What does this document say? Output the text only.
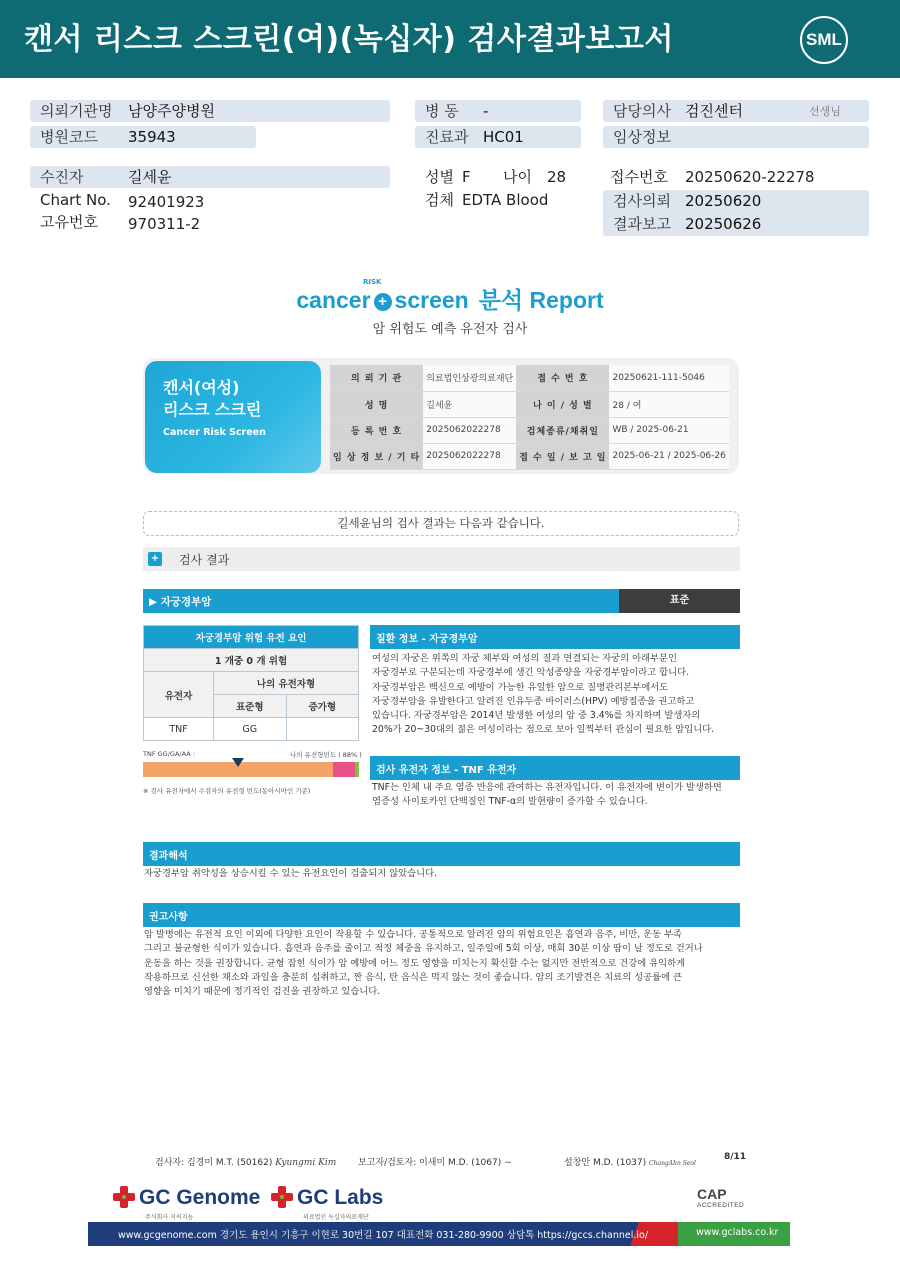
캔서 리스크 스크린(여)(녹십자) 검사결과보고서	SML
의뢰기관명 남양주양병원
병원코드 35943
병 동 -
진료과 HC01
담당의사 검진센터	선생님
임상정보
수진자	길세윤
Chart No. 92401923
고유번호 970311-2
성별 F 나이 28
검체 EDTA Blood
접수번호 20250620-22278
검사의뢰 20250620
결과보고 20250626
cancer + screen 분석 Report
RISK
암 위험도 예측 유전자 검사
캔서(여성)
리스크 스크린
Cancer Risk Screen
의 뢰 기 관	의료법인상광의료재단	접 수 번 호	20250621-111-5046
성 명	길세윤	나 이 / 성 별	28 / 여
등 록 번 호	2025062022278	검체종류/채취일	WB / 2025-06-21
임 상 정 보 / 기 타	2025062022278	접 수 일 / 보 고 일	2025-06-21 / 2025-06-26
길세윤님의 검사 결과는 다음과 같습니다.
+ 검사 결과
▶ 자궁경부암	표준
자궁경부암 위험 유전 요인		
1 개중 0 개 위험		
유전자	나의 유전자형	
	표준형	증가형
TNF	GG	
TNF GG/GA/AA :	나의 유전형빈도 ( 88% )
※ 검사 유전자에서 수검자의 유전형 빈도(동아시아인 기준)
질환 정보 - 자궁경부암
여성의 자궁은 위쪽의 자궁 체부와 여성의 질과 연결되는 자궁의 아래부분인
자궁경부로 구분되는데 자궁경부에 생긴 악성종양을 자궁경부암이라고 합니다.
자궁경부암은 백신으로 예방이 가능한 유일한 암으로 질병관리본부에서도
자궁경부암을 유발한다고 알려진 인유두종 바이러스(HPV) 예방접종을 권고하고
있습니다. 자궁경부암은 2014년 발생한 여성의 암 중 3.4%를 차지하며 발생자의
20%가 20~30대의 젊은 여성이라는 점으로 보아 일찍부터 관심이 필요한 암입니다.
검사 유전자 정보 - TNF 유전자
TNF는 인체 내 주요 염증 반응에 관여하는 유전자입니다. 이 유전자에 변이가 발생하면
염증성 사이토카인 단백질인 TNF-α의 발현량이 증가할 수 있습니다.
결과해석
자궁경부암 취약성을 상승시킬 수 있는 유전요인이 검출되지 않았습니다.
권고사항
암 발병에는 유전적 요인 이외에 다양한 요인이 작용할 수 있습니다. 공통적으로 알려진 암의 위험요인은 흡연과 음주, 비만, 운동 부족
그리고 불균형한 식이가 있습니다. 흡연과 음주를 줄이고 적정 체중을 유지하고, 일주일에 5회 이상, 매회 30분 이상 땀이 날 정도로 걷거나
운동을 하는 것을 권장합니다. 균형 잡힌 식이가 암 예방에 어느 정도 영향을 미치는지 확신할 수는 없지만 전반적으로 건강에 유익하게
작용하므로 신선한 채소와 과일을 충분히 섭취하고, 짠 음식, 탄 음식은 먹지 않는 것이 좋습니다. 암의 조기발견은 치료의 성공률에 큰
영향을 미치기 때문에 정기적인 검진을 권장하고 있습니다.
검사자: 김경미 M.T. (50162) Kyungmi Kim 보고자/검토자: 이새미 M.D. (1067) ~	설창안 M.D. (1037) ChangAhn Seol
8/11
GC Genome
주식회사 지씨지놈
GC Labs
의료법인 녹십자의료재단
CAP
ACCREDITED
www.gcgenome.com 경기도 용인시 기흥구 이현로 30번길 107 대표전화 031-280-9900 상담톡 https://gccs.channel.io/	www.gclabs.co.kr
